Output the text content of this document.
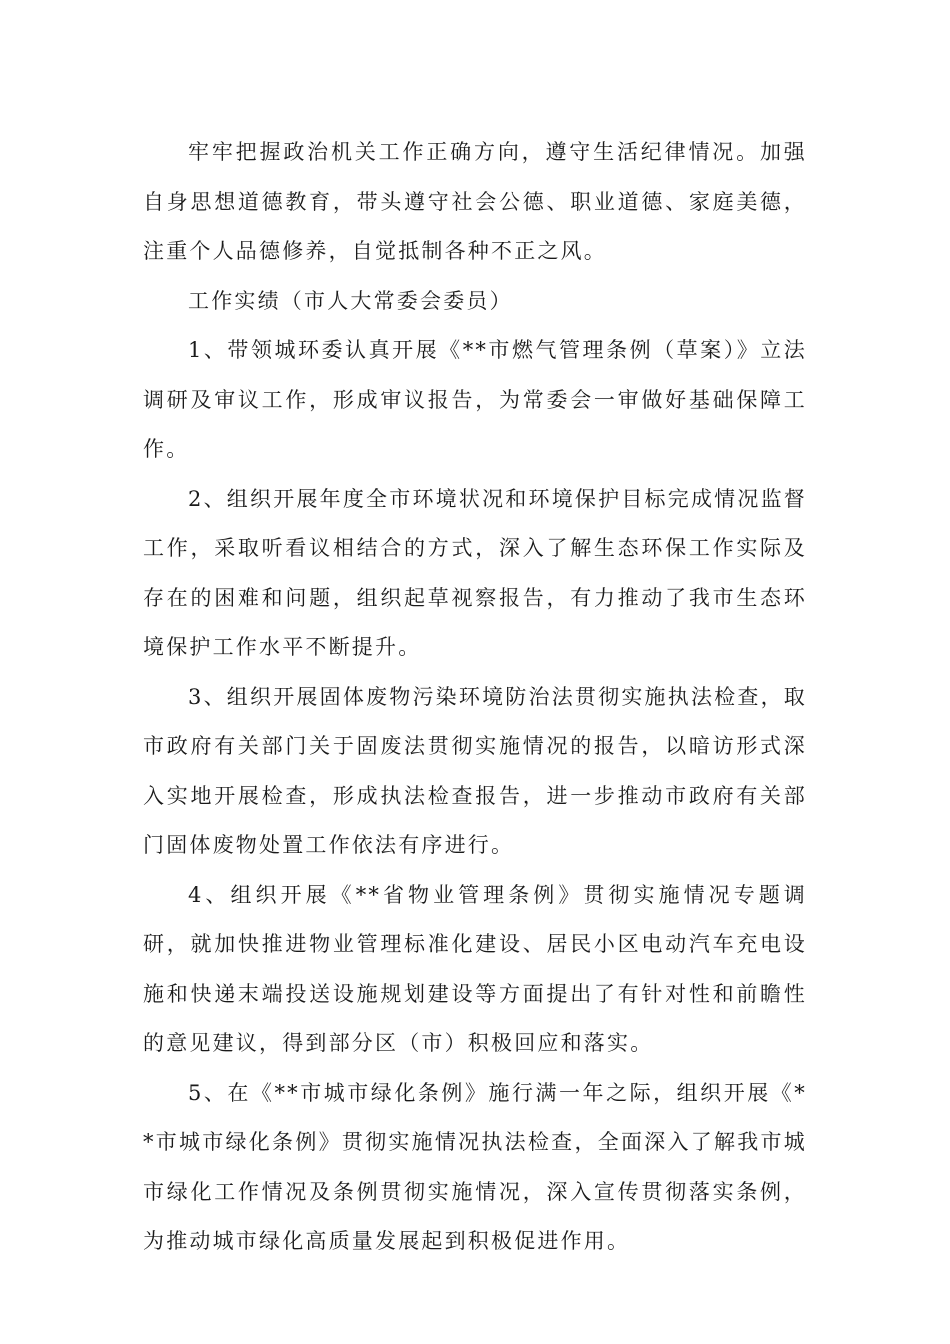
牢牢把握政治机关工作正确方向，遵守生活纪律情况。加强自身思想道德教育，带头遵守社会公德、职业道德、家庭美德，注重个人品德修养，自觉抵制各种不正之风。

工作实绩（市人大常委会委员）

1、带领城环委认真开展《**市燃气管理条例（草案）》立法调研及审议工作，形成审议报告，为常委会一审做好基础保障工作。

2、组织开展年度全市环境状况和环境保护目标完成情况监督工作，采取听看议相结合的方式，深入了解生态环保工作实际及存在的困难和问题，组织起草视察报告，有力推动了我市生态环境保护工作水平不断提升。

3、组织开展固体废物污染环境防治法贯彻实施执法检查，取市政府有关部门关于固废法贯彻实施情况的报告，以暗访形式深入实地开展检查，形成执法检查报告，进一步推动市政府有关部门固体废物处置工作依法有序进行。

4、组织开展《**省物业管理条例》贯彻实施情况专题调研，就加快推进物业管理标准化建设、居民小区电动汽车充电设施和快递末端投送设施规划建设等方面提出了有针对性和前瞻性的意见建议，得到部分区（市）积极回应和落实。

5、在《**市城市绿化条例》施行满一年之际，组织开展《**市城市绿化条例》贯彻实施情况执法检查，全面深入了解我市城市绿化工作情况及条例贯彻实施情况，深入宣传贯彻落实条例，为推动城市绿化高质量发展起到积极促进作用。
